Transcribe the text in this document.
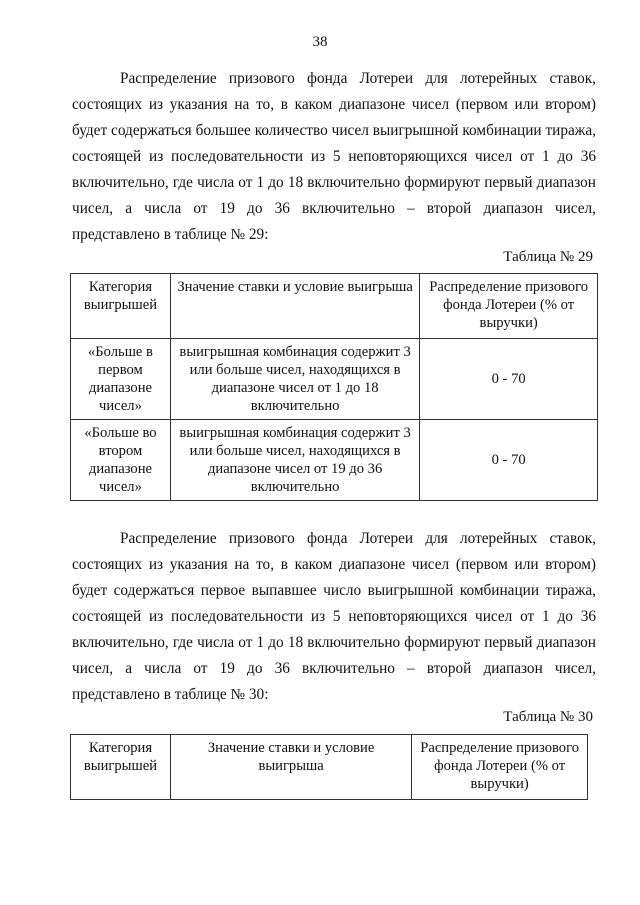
38

Распределение призового фонда Лотереи для лотерейных ставок, состоящих из указания на то, в каком диапазоне чисел (первом или втором) будет содержаться большее количество чисел выигрышной комбинации тиража, состоящей из последовательности из 5 неповторяющихся чисел от 1 до 36 включительно, где числа от 1 до 18 включительно формируют первый диапазон чисел, а числа от 19 до 36 включительно – второй диапазон чисел, представлено в таблице № 29:

Таблица № 29
Категория выигрышей	Значение ставки и условие выигрыша	Распределение призового фонда Лотереи (% от выручки)
«Больше в первом диапазоне чисел»	выигрышная комбинация содержит 3 или больше чисел, находящихся в диапазоне чисел от 1 до 18 включительно	0 - 70
«Больше во втором диапазоне чисел»	выигрышная комбинация содержит 3 или больше чисел, находящихся в диапазоне чисел от 19 до 36 включительно	0 - 70

Распределение призового фонда Лотереи для лотерейных ставок, состоящих из указания на то, в каком диапазоне чисел (первом или втором) будет содержаться первое выпавшее число выигрышной комбинации тиража, состоящей из последовательности из 5 неповторяющихся чисел от 1 до 36 включительно, где числа от 1 до 18 включительно формируют первый диапазон чисел, а числа от 19 до 36 включительно – второй диапазон чисел, представлено в таблице № 30:

Таблица № 30
Категория выигрышей	Значение ставки и условие выигрыша	Распределение призового фонда Лотереи (% от выручки)
